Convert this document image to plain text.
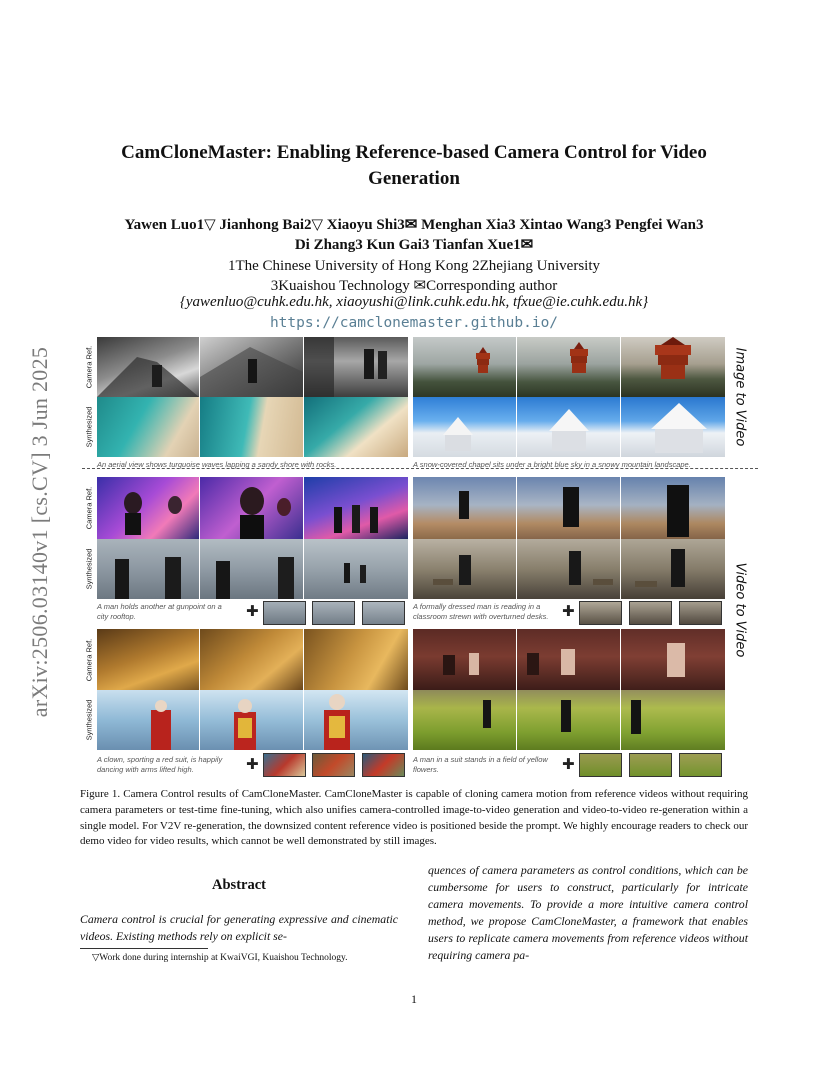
arXiv:2506.03140v1 [cs.CV] 3 Jun 2025
CamCloneMaster: Enabling Reference-based Camera Control for Video
Generation
Yawen Luo1▽ Jianhong Bai2▽ Xiaoyu Shi3✉ Menghan Xia3 Xintao Wang3 Pengfei Wan3
Di Zhang3 Kun Gai3 Tianfan Xue1✉
1The Chinese University of Hong Kong 2Zhejiang University
3Kuaishou Technology ✉Corresponding author
{yawenluo@cuhk.edu.hk, xiaoyushi@link.cuhk.edu.hk, tfxue@ie.cuhk.edu.hk}
https://camclonemaster.github.io/
Camera Ref.
Synthesized
An aerial view shows turquoise waves lapping a sandy shore with rocks.	A snow-covered chapel sits under a bright blue sky in a snowy mountain landscape.
Image to Video
Camera Ref.
Synthesized
A man holds another at gunpoint on a
city rooftop.	✚	A formally dressed man is reading in a
classroom strewn with overturned desks. ✚	Video to Video
Camera Ref.
Synthesized
A clown, sporting a red suit, is happily
dancing with arms lifted high.	✚	A man in a suit stands in a field of yellow
flowers.	✚
Figure 1. Camera Control results of CamCloneMaster. CamCloneMaster is capable of cloning camera motion from reference videos without requiring camera parameters or test-time fine-tuning, which also unifies camera-controlled image-to-video generation and video-to-video re-generation within a single model. For V2V re-generation, the downsized content reference video is positioned beside the prompt. We highly encourage readers to check our demo video for video results, which cannot be well demonstrated by still images.
Abstract
Camera control is crucial for generating expressive and cinematic videos. Existing methods rely on explicit se-
quences of camera parameters as control conditions, which can be cumbersome for users to construct, particularly for intricate camera movements. To provide a more intuitive camera control method, we propose CamCloneMaster, a framework that enables users to replicate camera movements from reference videos without requiring camera pa-
▽Work done during internship at KwaiVGI, Kuaishou Technology.
1
